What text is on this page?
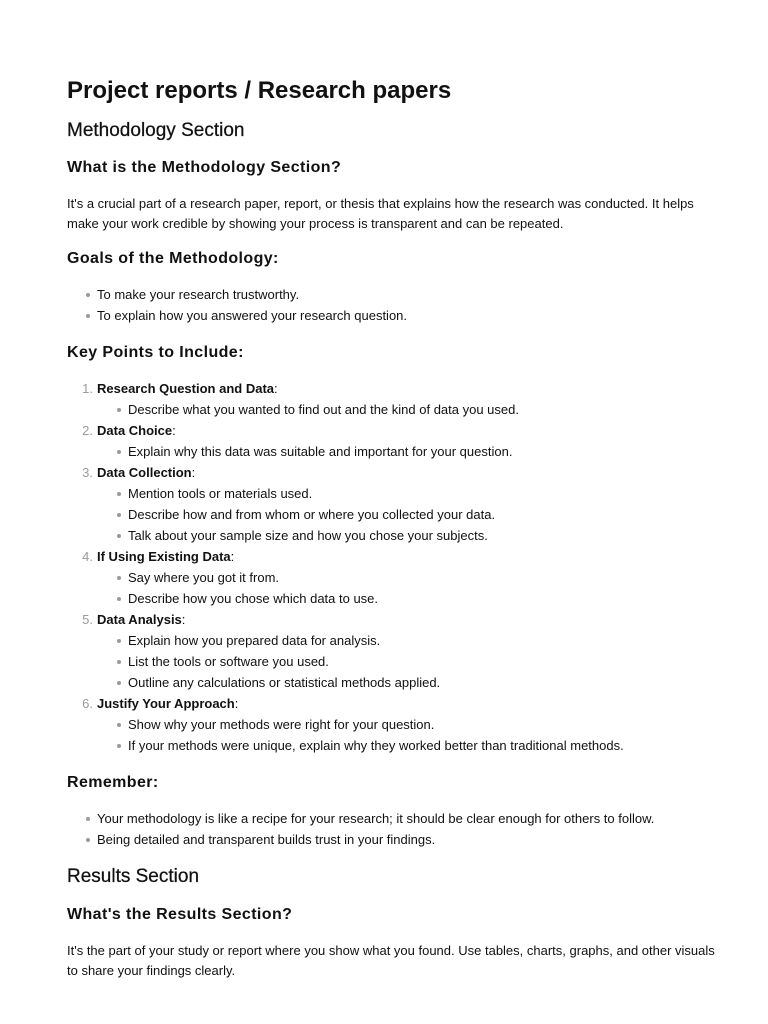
Project reports / Research papers
Methodology Section
What is the Methodology Section?

It's a crucial part of a research paper, report, or thesis that explains how the research was conducted. It helps make your work credible by showing your process is transparent and can be repeated.

Goals of the Methodology:
To make your research trustworthy.
To explain how you answered your research question.
Key Points to Include:
1. Research Question and Data:
Describe what you wanted to find out and the kind of data you used.
2. Data Choice:
Explain why this data was suitable and important for your question.
3. Data Collection:
Mention tools or materials used.
Describe how and from whom or where you collected your data.
Talk about your sample size and how you chose your subjects.
4. If Using Existing Data:
Say where you got it from.
Describe how you chose which data to use.
5. Data Analysis:
Explain how you prepared data for analysis.
List the tools or software you used.
Outline any calculations or statistical methods applied.
6. Justify Your Approach:
Show why your methods were right for your question.
If your methods were unique, explain why they worked better than traditional methods.
Remember:
Your methodology is like a recipe for your research; it should be clear enough for others to follow.
Being detailed and transparent builds trust in your findings.
Results Section
What's the Results Section?

It's the part of your study or report where you show what you found. Use tables, charts, graphs, and other visuals to share your findings clearly.
